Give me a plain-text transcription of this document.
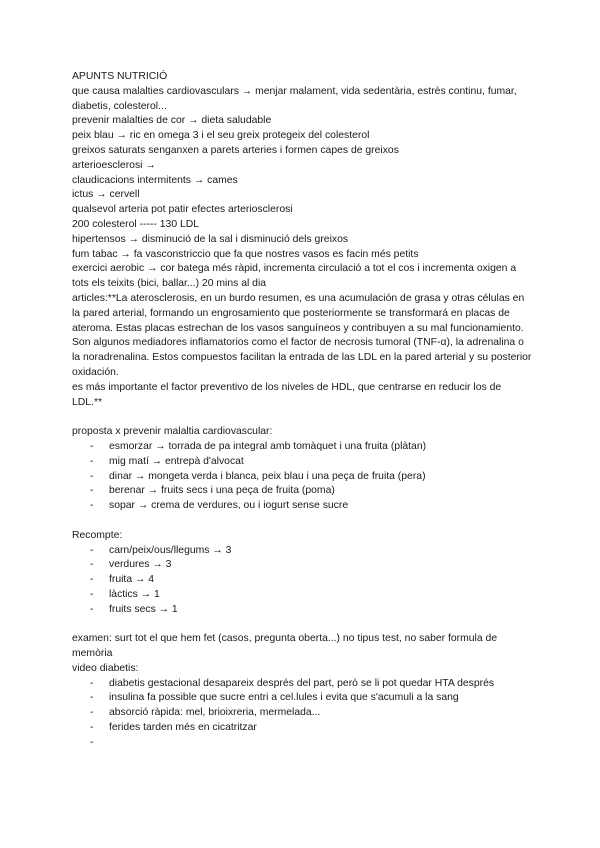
APUNTS NUTRICIÓ

que causa malalties cardiovasculars → menjar malament, vida sedentària, estrès continu, fumar, diabetis, colesterol...

prevenir malalties de cor → dieta saludable

peix blau → ric en omega 3 i el seu greix protegeix del colesterol

greixos saturats senganxen a parets arteries i formen capes de greixos

arterioesclerosi →

claudicacions intermitents → cames

ictus → cervell

qualsevol arteria pot patir efectes arteriosclerosi

200 colesterol ----- 130 LDL

hipertensos → disminució de la sal i disminució dels greixos

fum tabac → fa vasconstriccio que fa que nostres vasos es facin més petits

exercici aerobic → cor batega més ràpid, incrementa circulació a tot el cos i incrementa oxigen a tots els teixits (bici, ballar...) 20 mins al dia

articles:**La aterosclerosis, en un burdo resumen, es una acumulación de grasa y otras células en la pared arterial, formando un engrosamiento que posteriormente se transformará en placas de ateroma. Estas placas estrechan de los vasos sanguíneos y contribuyen a su mal funcionamiento.

Son algunos mediadores inflamatorios como el factor de necrosis tumoral (TNF-α), la adrenalina o la noradrenalina. Estos compuestos facilitan la entrada de las LDL en la pared arterial y su posterior oxidación.

es más importante el factor preventivo de los niveles de HDL, que centrarse en reducir los de LDL.**

proposta x prevenir malaltia cardiovascular:

- esmorzar → torrada de pa integral amb tomàquet i una fruita (plàtan)
- mig matí → entrepà d'alvocat
- dinar → mongeta verda i blanca, peix blau i una peça de fruita (pera)
- berenar → fruits secs i una peça de fruita (poma)
- sopar → crema de verdures, ou i iogurt sense sucre

Recompte:

- carn/peix/ous/llegums → 3
- verdures → 3
- fruita → 4
- làctics → 1
- fruits secs → 1

examen: surt tot el que hem fet (casos, pregunta oberta...) no tipus test, no saber formula de memòria

video diabetis:

- diabetis gestacional desapareix després del part, però se li pot quedar HTA després
- insulina fa possible que sucre entri a cel.lules i evita que s'acumuli a la sang
- absorció ràpida: mel, brioixreria, mermelada...
- ferides tarden més en cicatritzar
-
